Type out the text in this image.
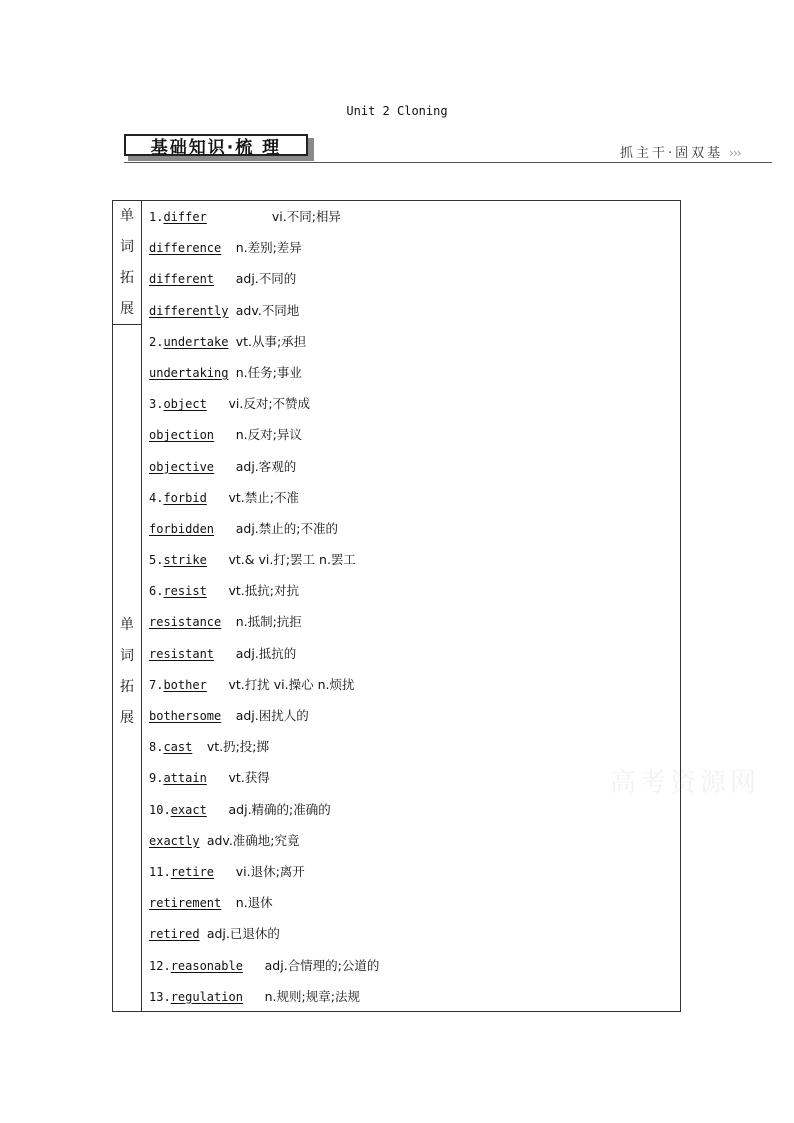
Unit 2 Cloning
基础知识·梳 理	抓主干·固双基 ›››
高考资源网
单
词
拓
展
单
词
拓
展
1.differ	vi.不同;相异
difference n.差别;差异
different adj.不同的
differently adv.不同地
2.undertake vt.从事;承担
undertaking n.任务;事业
3.object vi.反对;不赞成
objection n.反对;异议
objective adj.客观的
4.forbid vt.禁止;不准
forbidden adj.禁止的;不准的
5.strike vt.& vi.打;罢工 n.罢工
6.resist vt.抵抗;对抗
resistance n.抵制;抗拒
resistant adj.抵抗的
7.bother vt.打扰 vi.操心 n.烦扰
bothersome adj.困扰人的
8.cast vt.扔;投;掷
9.attain vt.获得
10.exact adj.精确的;准确的
exactly adv.准确地;究竟
11.retire vi.退休;离开
retirement n.退休
retired adj.已退休的
12.reasonable adj.合情理的;公道的
13.regulation n.规则;规章;法规
